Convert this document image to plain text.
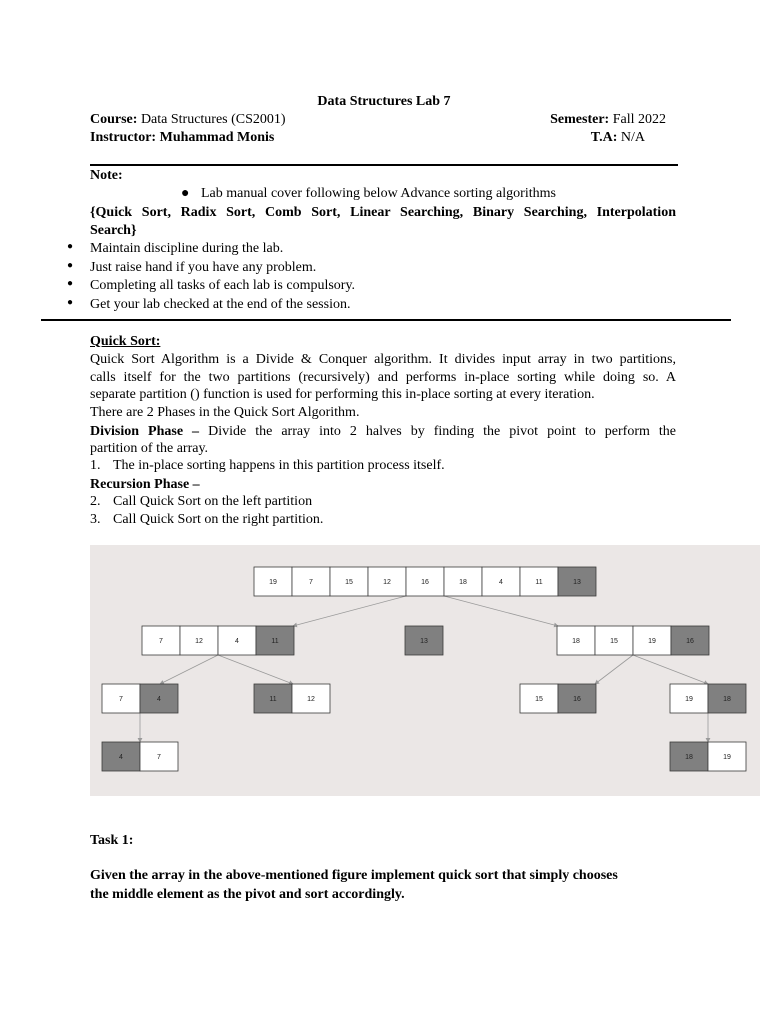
Data Structures Lab 7
Course: Data Structures (CS2001)	Semester: Fall 2022
Instructor: Muhammad Monis	T.A: N/A
Note:
● Lab manual cover following below Advance sorting algorithms
{Quick Sort, Radix Sort, Comb Sort, Linear Searching, Binary Searching, Interpolation
Search}
● Maintain discipline during the lab.
● Just raise hand if you have any problem.
● Completing all tasks of each lab is compulsory.
● Get your lab checked at the end of the session.
Quick Sort:
Quick Sort Algorithm is a Divide & Conquer algorithm. It divides input array in two partitions,
calls itself for the two partitions (recursively) and performs in-place sorting while doing so. A
separate partition () function is used for performing this in-place sorting at every iteration.
There are 2 Phases in the Quick Sort Algorithm.
Division Phase – Divide the array into 2 halves by finding the pivot point to perform the
partition of the array.
1. The in-place sorting happens in this partition process itself.
Recursion Phase –
2. Call Quick Sort on the left partition
3. Call Quick Sort on the right partition.
19	7	15	12	16	18	4	11	13
7	12	4	11	13	18	15	19	16
7	4	11	12	15	16	19	18
4	7	18	19
Task 1:
Given the array in the above-mentioned figure implement quick sort that simply chooses
the middle element as the pivot and sort accordingly.
